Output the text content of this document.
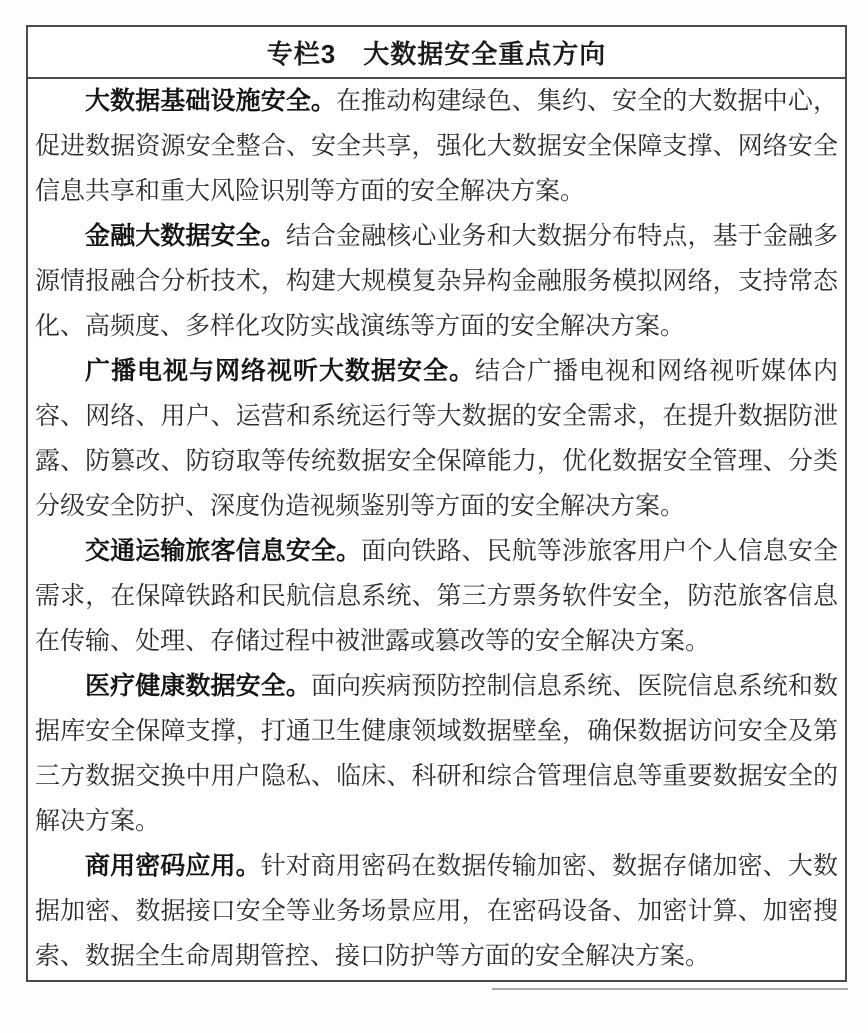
专栏3　大数据安全重点方向

大数据基础设施安全。在推动构建绿色、集约、安全的大数据中心，促进数据资源安全整合、安全共享，强化大数据安全保障支撑、网络安全信息共享和重大风险识别等方面的安全解决方案。

金融大数据安全。结合金融核心业务和大数据分布特点，基于金融多源情报融合分析技术，构建大规模复杂异构金融服务模拟网络，支持常态化、高频度、多样化攻防实战演练等方面的安全解决方案。

广播电视与网络视听大数据安全。结合广播电视和网络视听媒体内容、网络、用户、运营和系统运行等大数据的安全需求，在提升数据防泄露、防篡改、防窃取等传统数据安全保障能力，优化数据安全管理、分类分级安全防护、深度伪造视频鉴别等方面的安全解决方案。

交通运输旅客信息安全。面向铁路、民航等涉旅客用户个人信息安全需求，在保障铁路和民航信息系统、第三方票务软件安全，防范旅客信息在传输、处理、存储过程中被泄露或篡改等的安全解决方案。

医疗健康数据安全。面向疾病预防控制信息系统、医院信息系统和数据库安全保障支撑，打通卫生健康领域数据壁垒，确保数据访问安全及第三方数据交换中用户隐私、临床、科研和综合管理信息等重要数据安全的解决方案。

商用密码应用。针对商用密码在数据传输加密、数据存储加密、大数据加密、数据接口安全等业务场景应用，在密码设备、加密计算、加密搜索、数据全生命周期管控、接口防护等方面的安全解决方案。
